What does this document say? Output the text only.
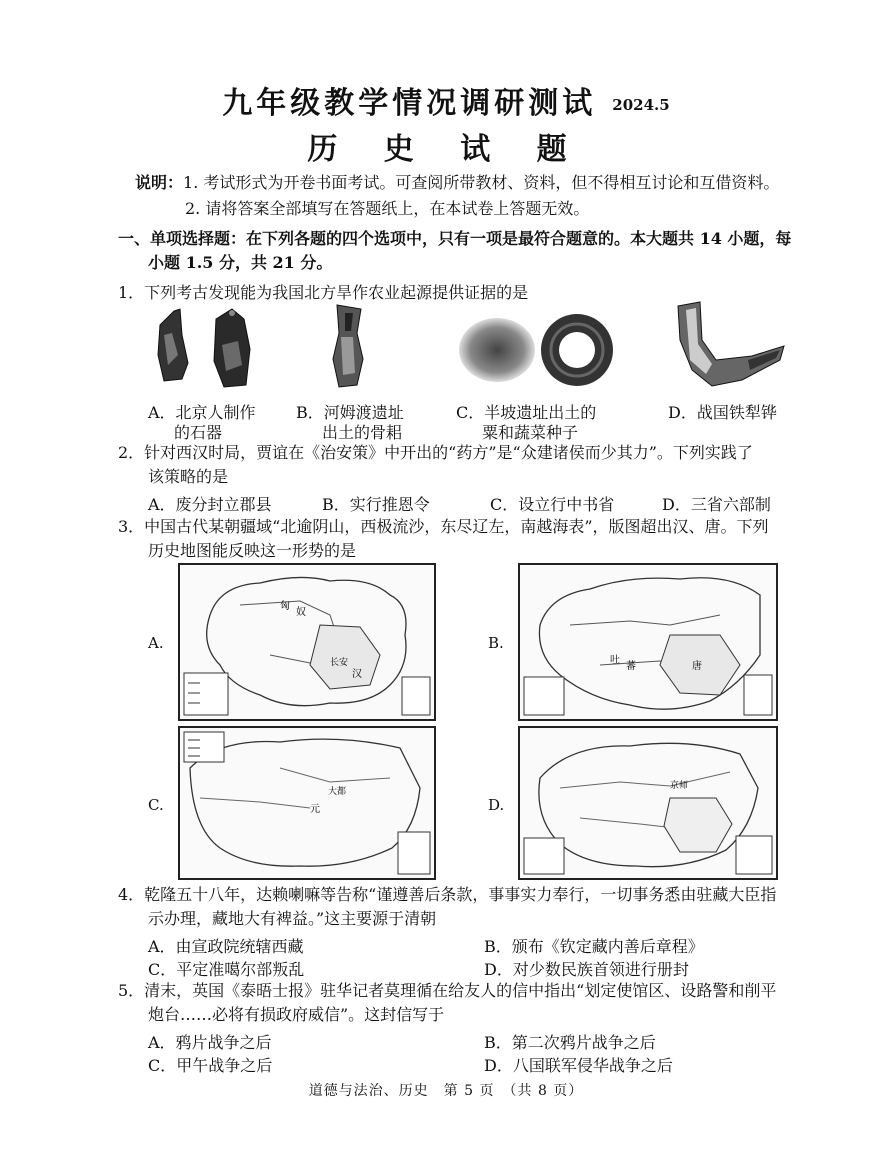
九年级教学情况调研测试 2024.5
历 史 试 题
说明：1. 考试形式为开卷书面考试。可查阅所带教材、资料，但不得相互讨论和互借资料。
2. 请将答案全部填写在答题纸上，在本试卷上答题无效。
一、单项选择题：在下列各题的四个选项中，只有一项是最符合题意的。本大题共 14 小题，每
小题 1.5 分，共 21 分。
1．下列考古发现能为我国北方旱作农业起源提供证据的是
A．北京人制作
的石器
B．河姆渡遗址
出土的骨耜
C．半坡遗址出土的
粟和蔬菜种子
D．战国铁犁铧
2．针对西汉时局，贾谊在《治安策》中开出的“药方”是“众建诸侯而少其力”。下列实践了
该策略的是
A．废分封立郡县	B．实行推恩令	C．设立行中书省	D．三省六部制
3．中国古代某朝疆域“北逾阴山，西极流沙，东尽辽左，南越海表”，版图超出汉、唐。下列
历史地图能反映这一形势的是
A.	B.
C.	D.
匈
奴
长安
汉
吐
蕃	唐
大都
元
京师
4．乾隆五十八年，达赖喇嘛等告称“谨遵善后条款，事事实力奉行，一切事务悉由驻藏大臣指
示办理，藏地大有裨益。”这主要源于清朝
A．由宣政院统辖西藏	B．颁布《钦定藏内善后章程》
C．平定准噶尔部叛乱	D．对少数民族首领进行册封
5．清末，英国《泰晤士报》驻华记者莫理循在给友人的信中指出“划定使馆区、设路警和削平
炮台……必将有损政府威信”。这封信写于
A．鸦片战争之后	B．第二次鸦片战争之后
C．甲午战争之后	D．八国联军侵华战争之后
道德与法治、历史　第 5 页　（共 8 页）
